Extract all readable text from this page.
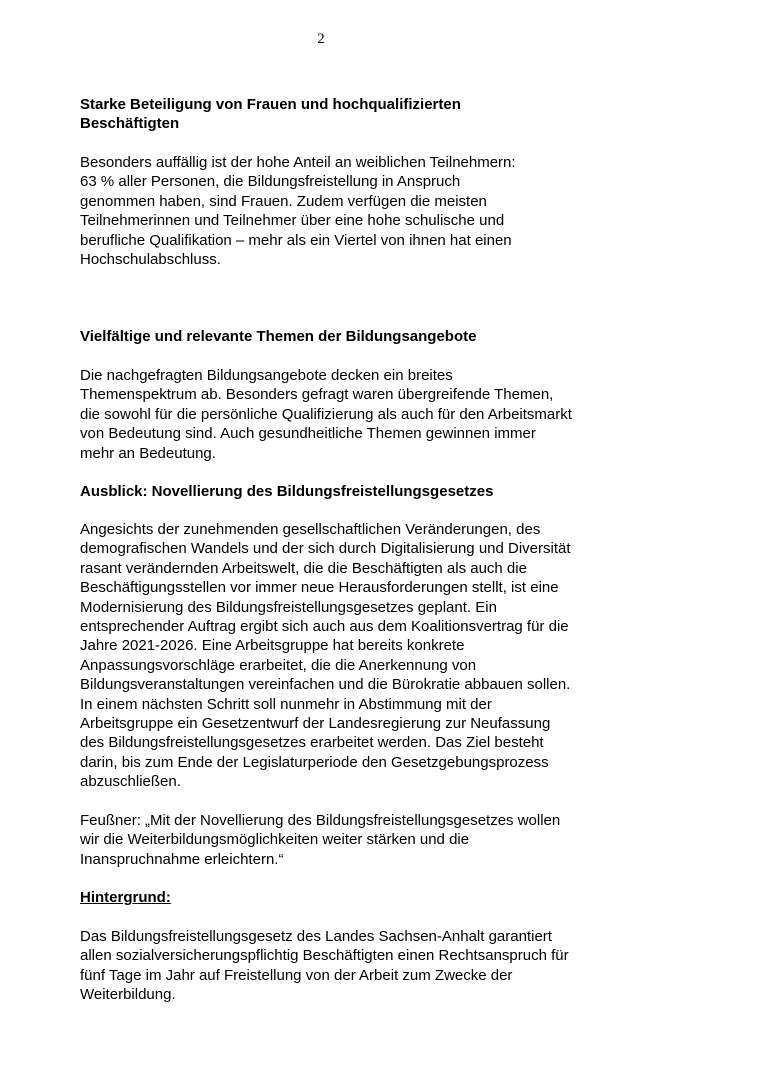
2
Starke Beteiligung von Frauen und hochqualifizierten
Beschäftigten
Besonders auffällig ist der hohe Anteil an weiblichen Teilnehmern:
63 % aller Personen, die Bildungsfreistellung in Anspruch
genommen haben, sind Frauen. Zudem verfügen die meisten
Teilnehmerinnen und Teilnehmer über eine hohe schulische und
berufliche Qualifikation – mehr als ein Viertel von ihnen hat einen
Hochschulabschluss.
Vielfältige und relevante Themen der Bildungsangebote
Die nachgefragten Bildungsangebote decken ein breites
Themenspektrum ab. Besonders gefragt waren übergreifende Themen,
die sowohl für die persönliche Qualifizierung als auch für den Arbeitsmarkt
von Bedeutung sind. Auch gesundheitliche Themen gewinnen immer
mehr an Bedeutung.
Ausblick: Novellierung des Bildungsfreistellungsgesetzes
Angesichts der zunehmenden gesellschaftlichen Veränderungen, des
demografischen Wandels und der sich durch Digitalisierung und Diversität
rasant verändernden Arbeitswelt, die die Beschäftigten als auch die
Beschäftigungsstellen vor immer neue Herausforderungen stellt, ist eine
Modernisierung des Bildungsfreistellungsgesetzes geplant. Ein
entsprechender Auftrag ergibt sich auch aus dem Koalitionsvertrag für die
Jahre 2021-2026. Eine Arbeitsgruppe hat bereits konkrete
Anpassungsvorschläge erarbeitet, die die Anerkennung von
Bildungsveranstaltungen vereinfachen und die Bürokratie abbauen sollen.
In einem nächsten Schritt soll nunmehr in Abstimmung mit der
Arbeitsgruppe ein Gesetzentwurf der Landesregierung zur Neufassung
des Bildungsfreistellungsgesetzes erarbeitet werden. Das Ziel besteht
darin, bis zum Ende der Legislaturperiode den Gesetzgebungsprozess
abzuschließen.
Feußner: „Mit der Novellierung des Bildungsfreistellungsgesetzes wollen
wir die Weiterbildungsmöglichkeiten weiter stärken und die
Inanspruchnahme erleichtern.“
Hintergrund:
Das Bildungsfreistellungsgesetz des Landes Sachsen-Anhalt garantiert
allen sozialversicherungspflichtig Beschäftigten einen Rechtsanspruch für
fünf Tage im Jahr auf Freistellung von der Arbeit zum Zwecke der
Weiterbildung.
